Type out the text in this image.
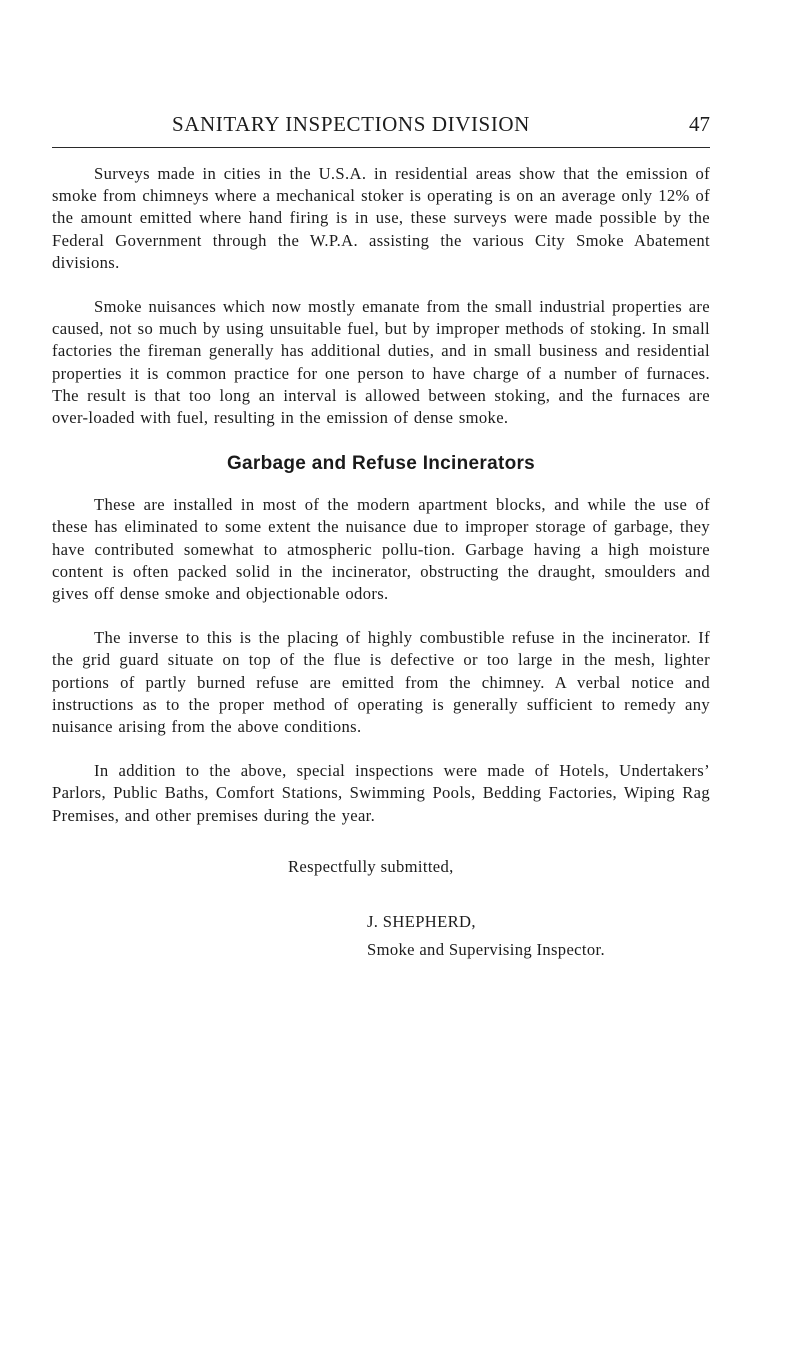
SANITARY INSPECTIONS DIVISION	47

Surveys made in cities in the U.S.A. in residential areas show that the emission of smoke from chimneys where a mechanical stoker is operating is on an average only 12% of the amount emitted where hand firing is in use, these surveys were made possible by the Federal Government through the W.P.A. assisting the various City Smoke Abatement divisions.

Smoke nuisances which now mostly emanate from the small industrial properties are caused, not so much by using unsuitable fuel, but by improper methods of stoking. In small factories the fireman generally has additional duties, and in small business and residential properties it is common practice for one person to have charge of a number of furnaces. The result is that too long an interval is allowed between stoking, and the furnaces are over-loaded with fuel, resulting in the emission of dense smoke.

Garbage and Refuse Incinerators

These are installed in most of the modern apartment blocks, and while the use of these has eliminated to some extent the nuisance due to improper storage of garbage, they have contributed somewhat to atmospheric pollu-tion. Garbage having a high moisture content is often packed solid in the incinerator, obstructing the draught, smoulders and gives off dense smoke and objectionable odors.

The inverse to this is the placing of highly combustible refuse in the incinerator. If the grid guard situate on top of the flue is defective or too large in the mesh, lighter portions of partly burned refuse are emitted from the chimney. A verbal notice and instructions as to the proper method of operating is generally sufficient to remedy any nuisance arising from the above conditions.

In addition to the above, special inspections were made of Hotels, Undertakers’ Parlors, Public Baths, Comfort Stations, Swimming Pools, Bedding Factories, Wiping Rag Premises, and other premises during the year.

Respectfully submitted,
J. SHEPHERD,
Smoke and Supervising Inspector.
